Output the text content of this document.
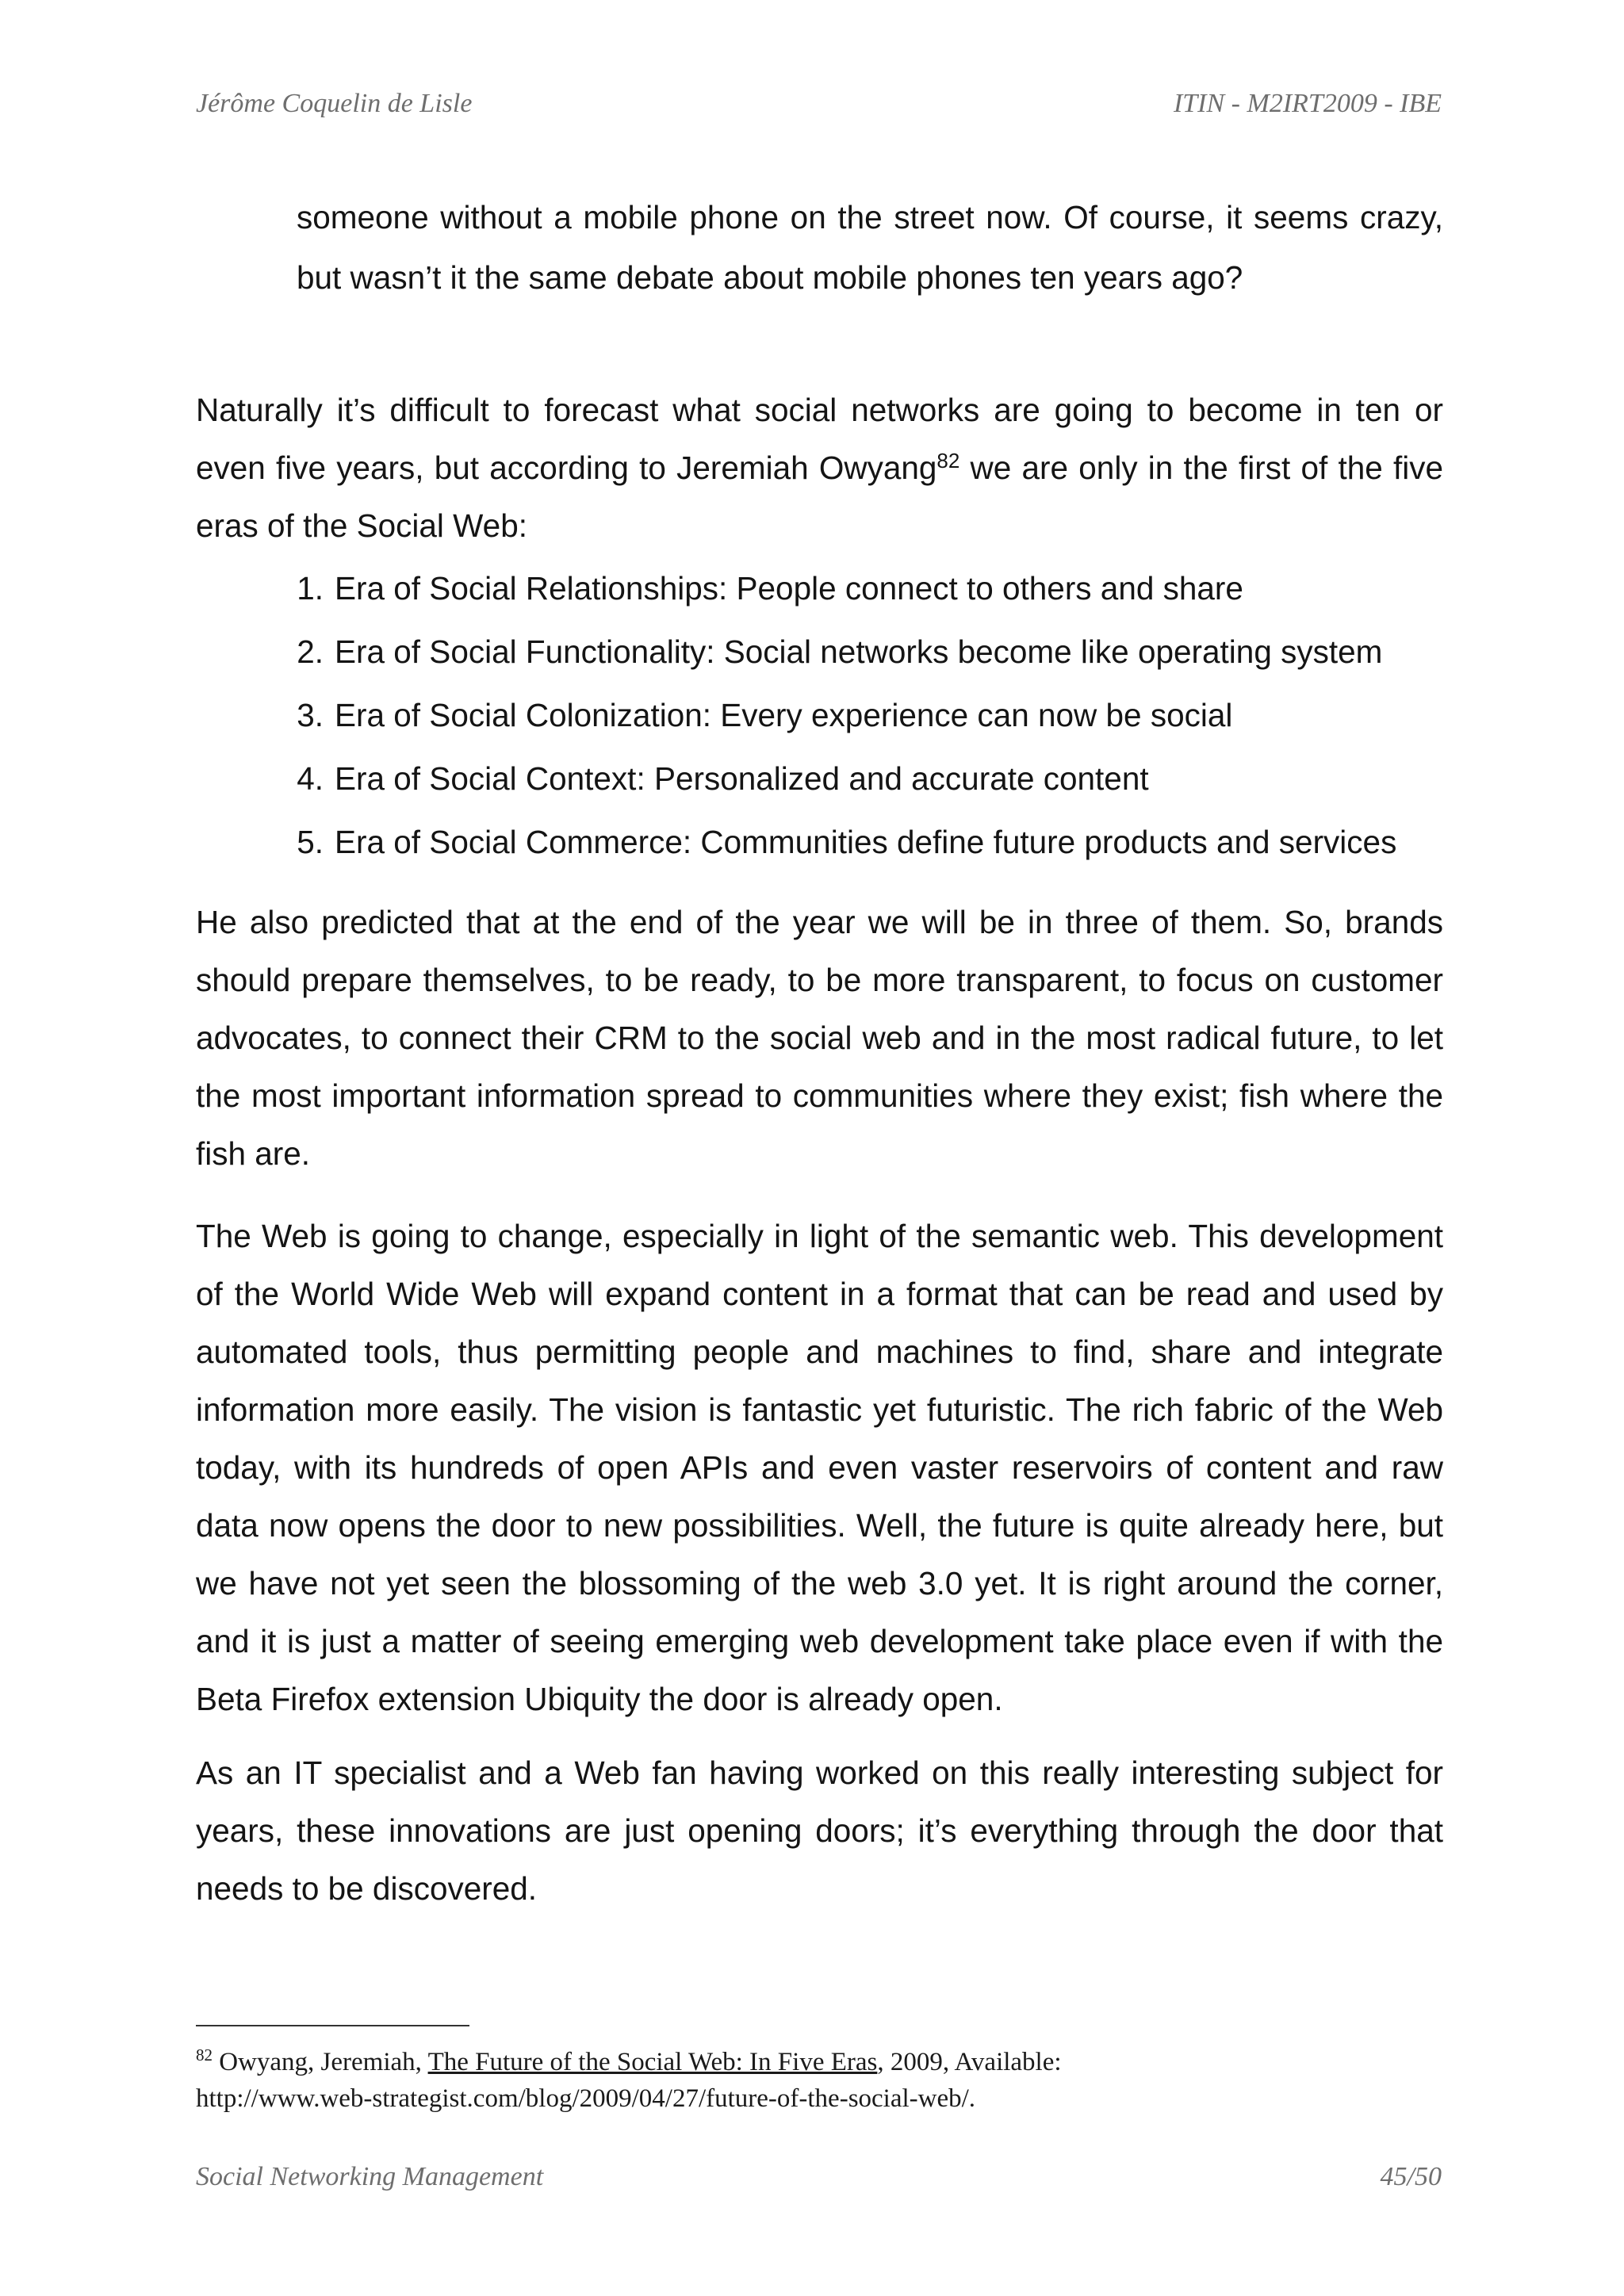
Jérôme Coquelin de Lisle	ITIN - M2IRT2009 - IBE
someone without a mobile phone on the street now. Of course, it seems crazy, but wasn’t it the same debate about mobile phones ten years ago?

Naturally it’s difficult to forecast what social networks are going to become in ten or even five years, but according to Jeremiah Owyang$^{82}$ we are only in the first of the five eras of the Social Web:

1. Era of Social Relationships: People connect to others and share
2. Era of Social Functionality: Social networks become like operating system
3. Era of Social Colonization: Every experience can now be social
4. Era of Social Context: Personalized and accurate content
5. Era of Social Commerce: Communities define future products and services

He also predicted that at the end of the year we will be in three of them. So, brands should prepare themselves, to be ready, to be more transparent, to focus on customer advocates, to connect their CRM to the social web and in the most radical future, to let the most important information spread to communities where they exist; fish where the fish are.

The Web is going to change, especially in light of the semantic web. This development of the World Wide Web will expand content in a format that can be read and used by automated tools, thus permitting people and machines to find, share and integrate information more easily. The vision is fantastic yet futuristic. The rich fabric of the Web today, with its hundreds of open APIs and even vaster reservoirs of content and raw data now opens the door to new possibilities. Well, the future is quite already here, but we have not yet seen the blossoming of the web 3.0 yet. It is right around the corner, and it is just a matter of seeing emerging web development take place even if with the Beta Firefox extension Ubiquity the door is already open.

As an IT specialist and a Web fan having worked on this really interesting subject for years, these innovations are just opening doors; it’s everything through the door that needs to be discovered.

$^{82}$ Owyang, Jeremiah, The Future of the Social Web: In Five Eras, 2009, Available:
http://www.web-strategist.com/blog/2009/04/27/future-of-the-social-web/.
Social Networking Management	45/50
